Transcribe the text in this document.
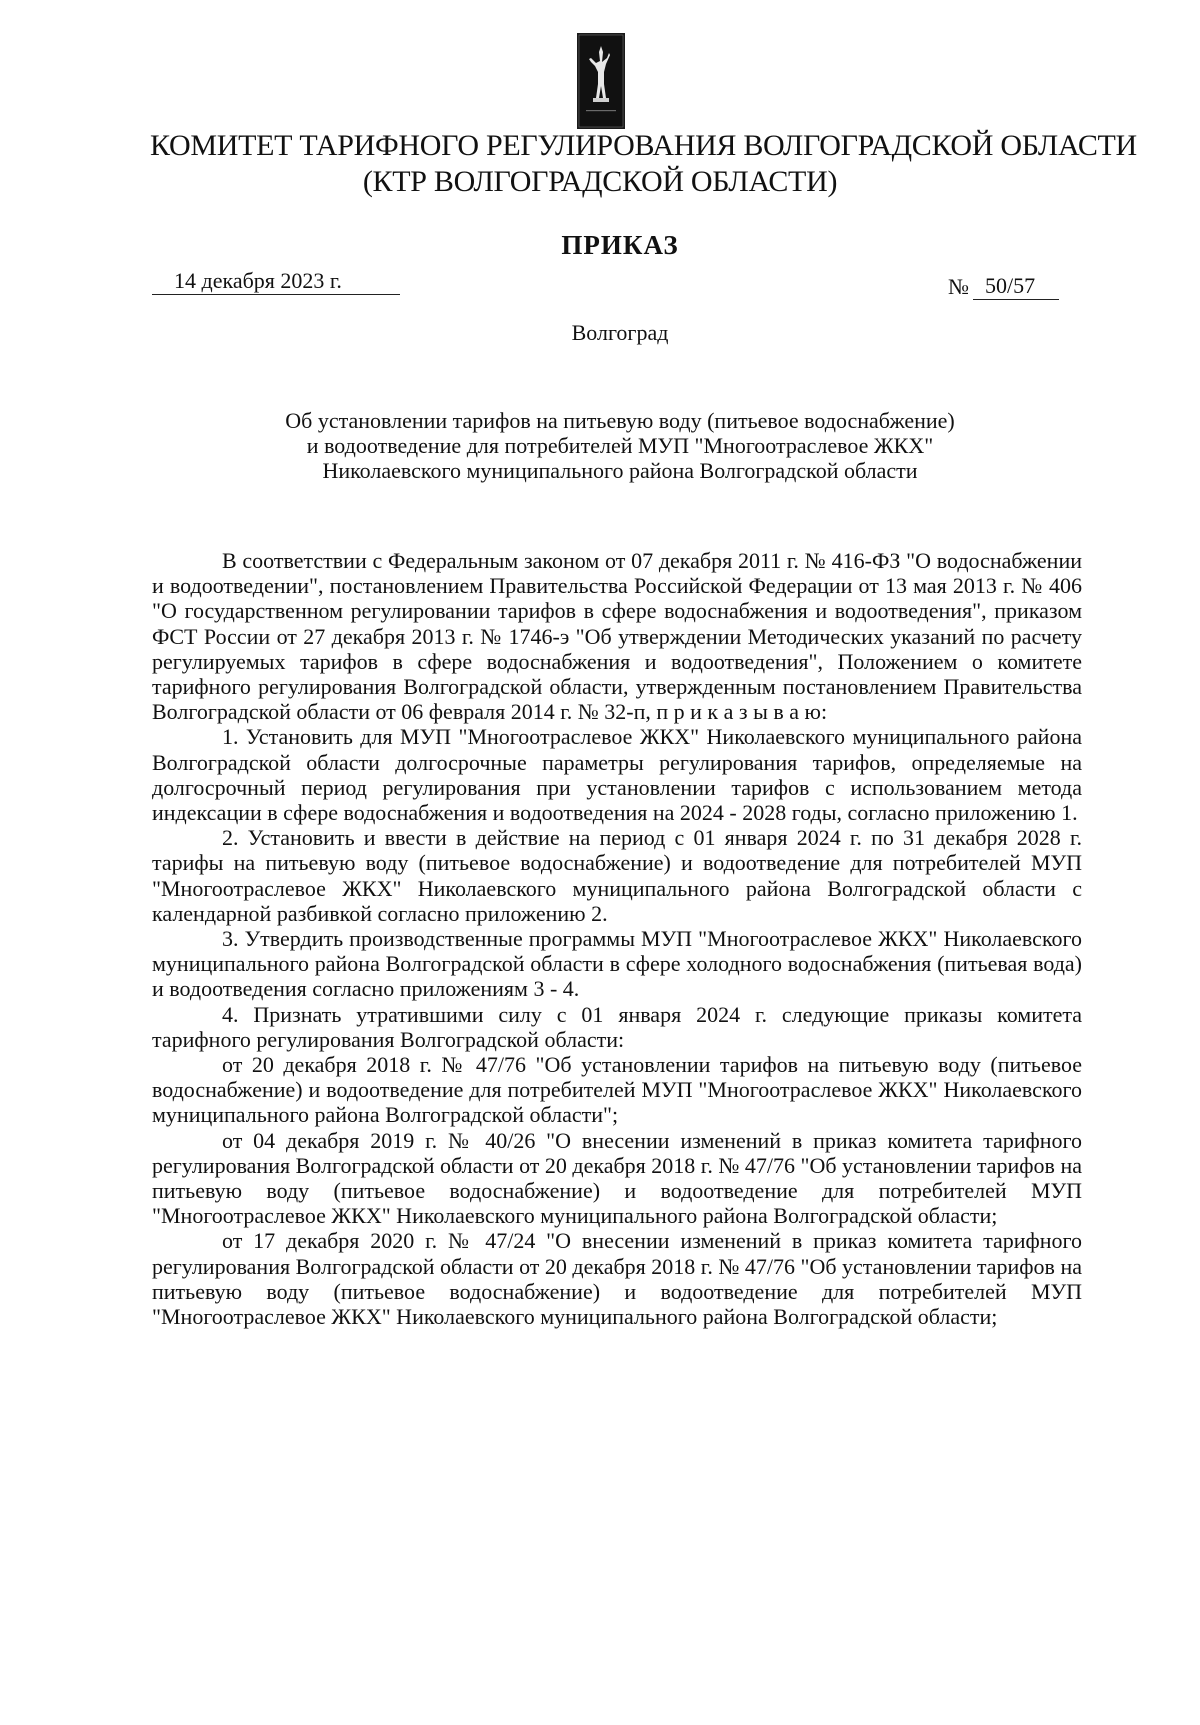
КОМИТЕТ ТАРИФНОГО РЕГУЛИРОВАНИЯ ВОЛГОГРАДСКОЙ ОБЛАСТИ
(КТР ВОЛГОГРАДСКОЙ ОБЛАСТИ)
ПРИКАЗ
14 декабря 2023 г.	№ 50/57
Волгоград
Об установлении тарифов на питьевую воду (питьевое водоснабжение)
и водоотведение для потребителей МУП "Многоотраслевое ЖКХ"
Николаевского муниципального района Волгоградской области

В соответствии с Федеральным законом от 07 декабря 2011 г. № 416-ФЗ "О водоснабжении и водоотведении", постановлением Правительства Российской Федерации от 13 мая 2013 г. № 406 "О государственном регулировании тарифов в сфере водоснабжения и водоотведения", приказом ФСТ России от 27 декабря 2013 г. № 1746-э "Об утверждении Методических указаний по расчету регулируемых тарифов в сфере водоснабжения и водоотведения", Положением о комитете тарифного регулирования Волгоградской области, утвержденным постановлением Правительства Волгоградской области от 06 февраля 2014 г. № 32-п, п р и к а з ы в а ю:

1. Установить для МУП "Многоотраслевое ЖКХ" Николаевского муниципального района Волгоградской области долгосрочные параметры регулирования тарифов, определяемые на долгосрочный период регулирования при установлении тарифов с использованием метода индексации в сфере водоснабжения и водоотведения на 2024 - 2028 годы, согласно приложению 1.

2. Установить и ввести в действие на период с 01 января 2024 г. по 31 декабря 2028 г. тарифы на питьевую воду (питьевое водоснабжение) и водоотведение для потребителей МУП "Многоотраслевое ЖКХ" Николаевского муниципального района Волгоградской области с календарной разбивкой согласно приложению 2.

3. Утвердить производственные программы МУП "Многоотраслевое ЖКХ" Николаевского муниципального района Волгоградской области в сфере холодного водоснабжения (питьевая вода) и водоотведения согласно приложениям 3 - 4.

4. Признать утратившими силу с 01 января 2024 г. следующие приказы комитета тарифного регулирования Волгоградской области:

от 20 декабря 2018 г. № 47/76 "Об установлении тарифов на питьевую воду (питьевое водоснабжение) и водоотведение для потребителей МУП "Многоотраслевое ЖКХ" Николаевского муниципального района Волгоградской области";

от 04 декабря 2019 г. № 40/26 "О внесении изменений в приказ комитета тарифного регулирования Волгоградской области от 20 декабря 2018 г. № 47/76 "Об установлении тарифов на питьевую воду (питьевое водоснабжение) и водоотведение для потребителей МУП "Многоотраслевое ЖКХ" Николаевского муниципального района Волгоградской области;

от 17 декабря 2020 г. № 47/24 "О внесении изменений в приказ комитета тарифного регулирования Волгоградской области от 20 декабря 2018 г. № 47/76 "Об установлении тарифов на питьевую воду (питьевое водоснабжение) и водоотведение для потребителей МУП "Многоотраслевое ЖКХ" Николаевского муниципального района Волгоградской области;
